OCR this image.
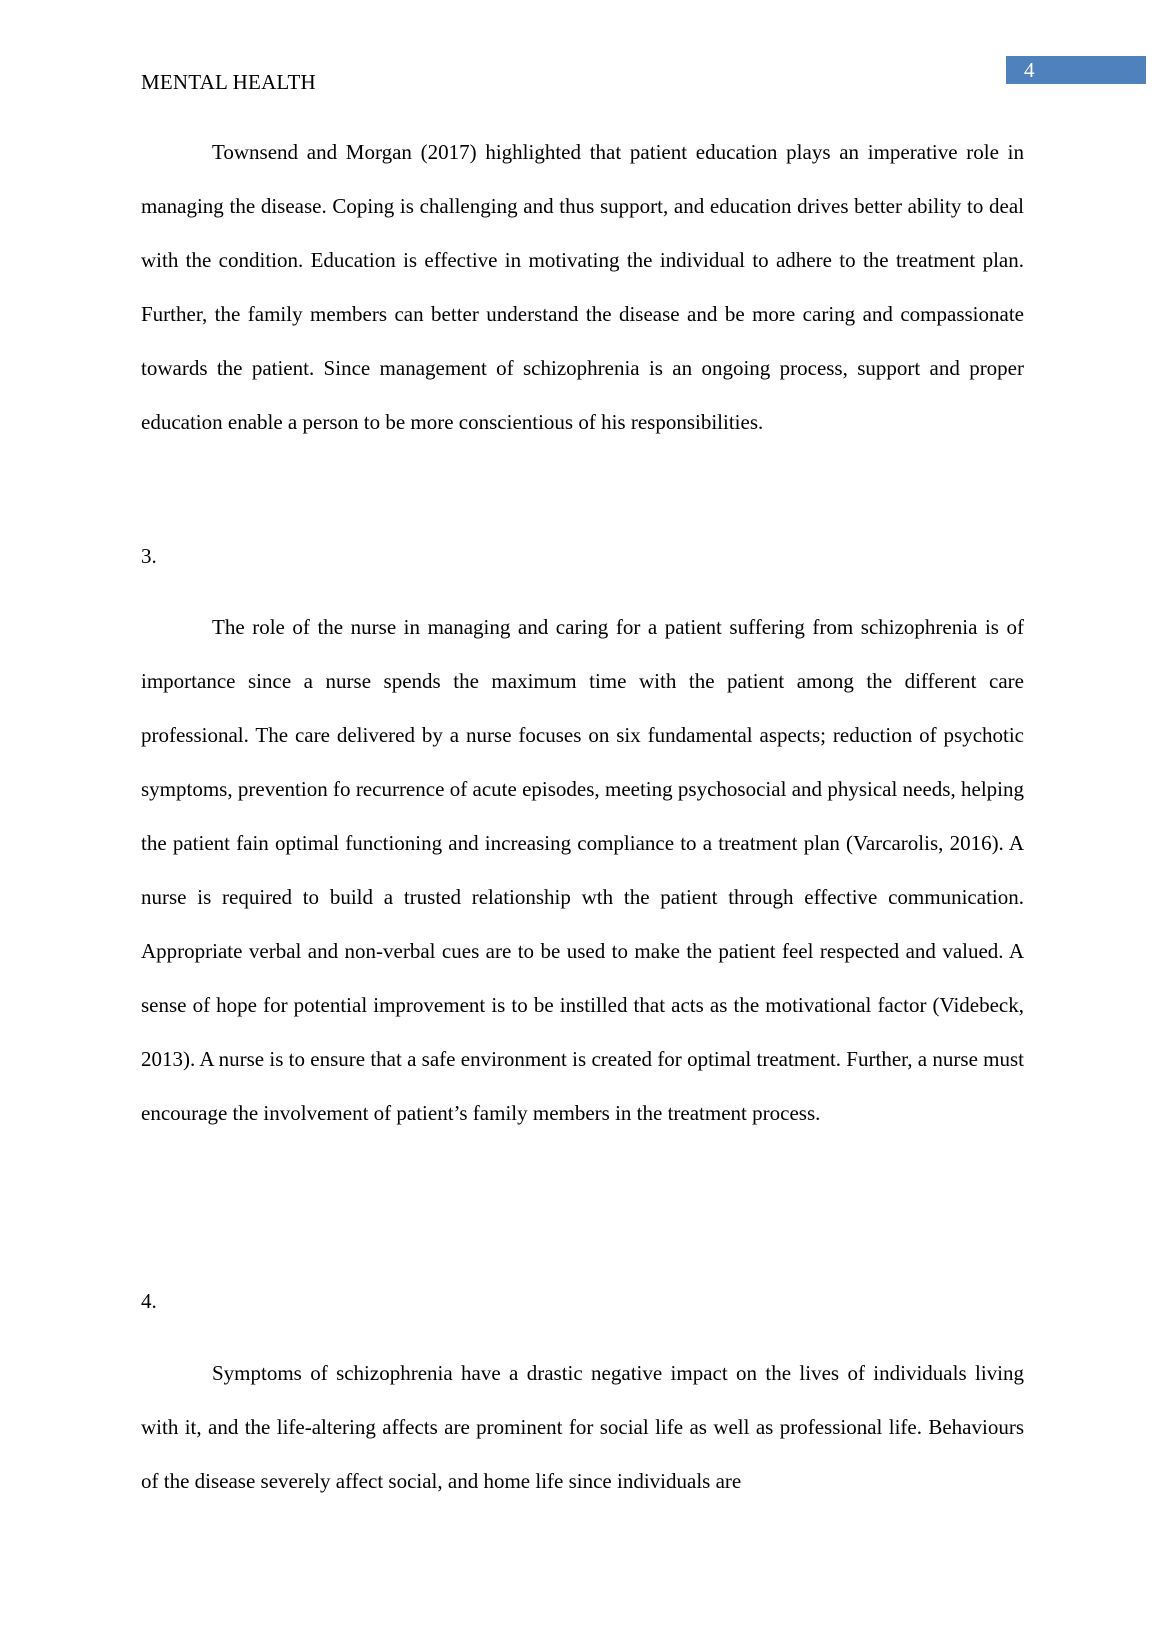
MENTAL HEALTH	4

Townsend and Morgan (2017) highlighted that patient education plays an imperative role in managing the disease. Coping is challenging and thus support, and education drives better ability to deal with the condition. Education is effective in motivating the individual to adhere to the treatment plan. Further, the family members can better understand the disease and be more caring and compassionate towards the patient. Since management of schizophrenia is an ongoing process, support and proper education enable a person to be more conscientious of his responsibilities.

3.

The role of the nurse in managing and caring for a patient suffering from schizophrenia is of importance since a nurse spends the maximum time with the patient among the different care professional. The care delivered by a nurse focuses on six fundamental aspects; reduction of psychotic symptoms, prevention fo recurrence of acute episodes, meeting psychosocial and physical needs, helping the patient fain optimal functioning and increasing compliance to a treatment plan (Varcarolis, 2016). A nurse is required to build a trusted relationship wth the patient through effective communication. Appropriate verbal and non-verbal cues are to be used to make the patient feel respected and valued. A sense of hope for potential improvement is to be instilled that acts as the motivational factor (Videbeck, 2013). A nurse is to ensure that a safe environment is created for optimal treatment. Further, a nurse must encourage the involvement of patient’s family members in the treatment process.

4.

Symptoms of schizophrenia have a drastic negative impact on the lives of individuals living with it, and the life-altering affects are prominent for social life as well as professional life. Behaviours of the disease severely affect social, and home life since individuals are
